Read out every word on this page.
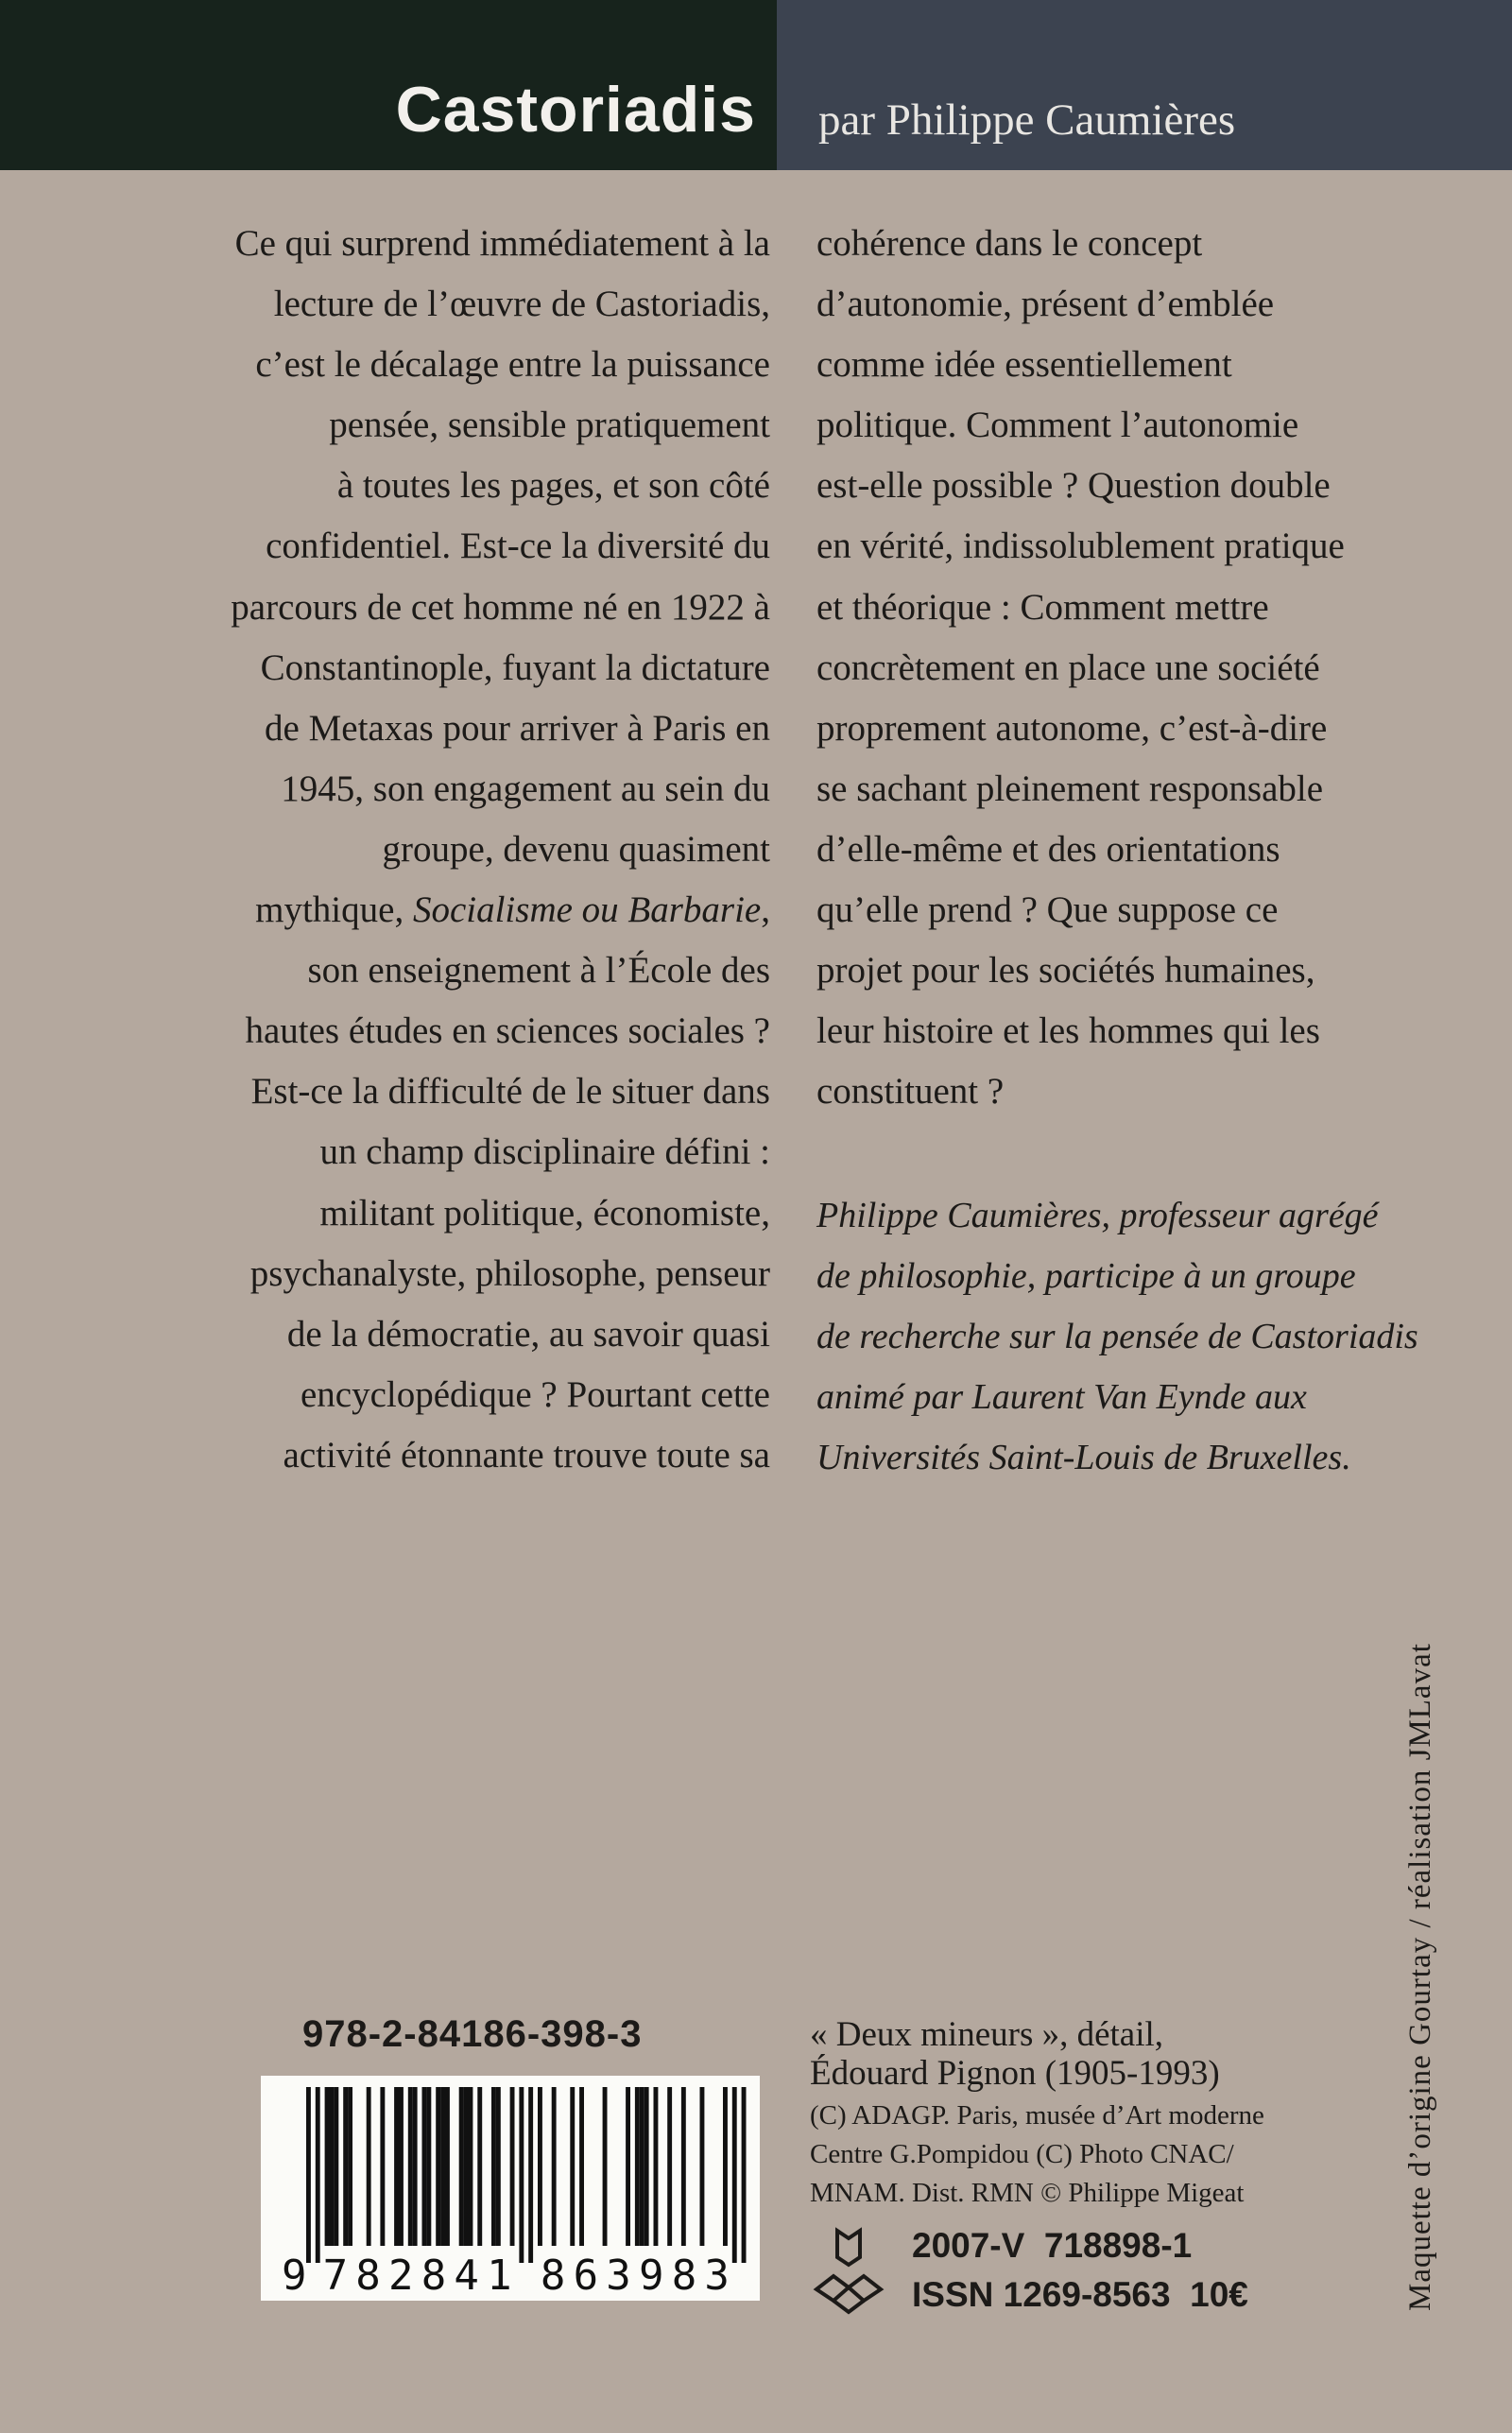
Castoriadis par Philippe Caumières
Ce qui surprend immédiatement à la
lecture de l’œuvre de Castoriadis,
c’est le décalage entre la puissance
pensée, sensible pratiquement
à toutes les pages, et son côté
confidentiel. Est-ce la diversité du
parcours de cet homme né en 1922 à
Constantinople, fuyant la dictature
de Metaxas pour arriver à Paris en
1945, son engagement au sein du
groupe, devenu quasiment
mythique, Socialisme ou Barbarie,
son enseignement à l’École des
hautes études en sciences sociales ?
Est-ce la difficulté de le situer dans
un champ disciplinaire défini :
militant politique, économiste,
psychanalyste, philosophe, penseur
de la démocratie, au savoir quasi
encyclopédique ? Pourtant cette
activité étonnante trouve toute sa
cohérence dans le concept
d’autonomie, présent d’emblée
comme idée essentiellement
politique. Comment l’autonomie
est-elle possible ? Question double
en vérité, indissolublement pratique
et théorique : Comment mettre
concrètement en place une société
proprement autonome, c’est-à-dire
se sachant pleinement responsable
d’elle-même et des orientations
qu’elle prend ? Que suppose ce
projet pour les sociétés humaines,
leur histoire et les hommes qui les
constituent ?
Philippe Caumières, professeur agrégé
de philosophie, participe à un groupe
de recherche sur la pensée de Castoriadis
animé par Laurent Van Eynde aux
Universités Saint-Louis de Bruxelles.
978-2-84186-398-3
9 782841 863983
« Deux mineurs », détail,
Édouard Pignon (1905-1993)
(C) ADAGP. Paris, musée d’Art moderne
Centre G.Pompidou (C) Photo CNAC/
MNAM. Dist. RMN © Philippe Migeat
2007-V  718898-1
ISSN 1269-8563  10€	Maquette d’origine Gourtay / réalisation JMLavat
